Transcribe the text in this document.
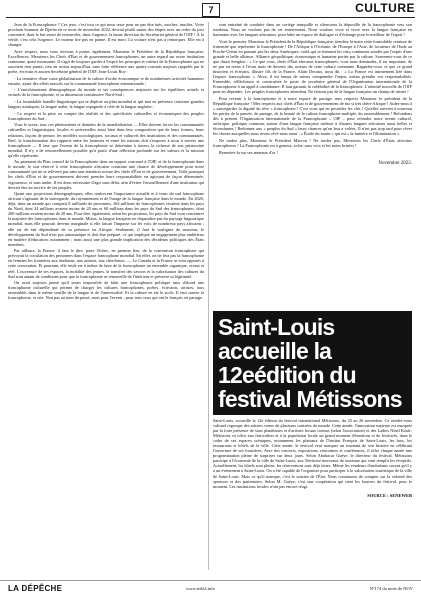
7	CULTURE

Jeux de la Francophonie ? Ces jeux, c'est tout ce qui nous reste pour ne pas être tués, moches, inutiles. Votre prochain Sommet de Djerba en ce mois de novembre 2022, devrait plutôt sauter des étapes avec un ordre du jour concentré, dont le but serait de renouveler, dans l'urgence, la haute direction du Secrétariat général de l'OIF ! À la vérité, c'est cela l'urgence. Le moteur tire pas en panne. Il est mort. La voiture n'est pas à remorquer. Elle est à changer.

Avec respect, nous vous incitons à porter, également, Monsieur le Président de la République française, Excellences, Messieurs les Chefs d'État et de gouvernement francophones, un autre regard sur notre institution commune, quasi moursante. Il s'agit de toujours garder à l'esprit les principes et valeurs de la Francophonie qui ne suscitent rien parmi, rien en action aujourd'hui, sans faire référence aux quatre constats majeurs rappelés par le poète, écrivain et ancien Secrétaire général de l'OIF, Jean-Louis Roy :

- La tentative d'une vaste globalisation de la culture d'ordre économique et de nombreuses activités humaines ensuite, ayant des effets massifs sur la communauté francophone internationale ;

- L'enrichissement démographique du monde et ses conséquences majeures sur les équilibres actuels et virtuels de la francophonie, et sa dimension constitutive Nord-Sud ;

- La formidable bataille linguistique qui se déploie au plan mondial et qui met en présence certaines grandes langues asiatiques, la langue arabe, la langue espagnole à côté de la langue anglaise ;

- Le respect et la prise en compte des réalités et des spécificités culturelles et économiques des peuples francophones du Sud ;

Vous le savez, tous ces phénomènes et données de la mondialisation — Elles doivent forcer les communautés culturelles et linguistiques, locales et universelles aussi bien dans leur composition que de leurs formes, leurs relations, façons de penser, les modèles sociologiques, sociaux et culturels des institutions et des communautés. Bref, la transformation des rapports entre les hommes et entre les nations doit s'imposer à nous à travers une francophonie — Il faut que l'avenir de la francophonie se détermine à travers la richesse de son patrimoine mondial. Il n'y a de renouvellement possible qu'à partir d'une réflexion profonde sur les valeurs et la mission qu'elle représente.

Au paiement du Plan conseil de la Francophonie dans un rapport concerné à l'OIF, et de la francophonie dans le monde, le sort réservé à cette francophonie africaine constitue une chance de développement pour notre communauté qui ne se relèvera pas sans une attention accrue des chefs d'État et de gouvernement. Voilà pourquoi les chefs d'État et de gouvernement doivent prendre leurs responsabilités en agissant de façon déterminée, vigoureuse, et sans tarder. Il est donc nécessaire d'agir sans délai, afin d'éviter l'essoufflement d'une institution qui devrait être au service de ses peuples.

Quant aux projections démographiques, elles renforcent l'importance actuelle et à venir du sud francophone africain s'agissant de la sauvegarde, du rayonnement et de l'usage de la langue française dans le monde. En 2020, déjà, dans un monde qui comptait 8 milliards de personnes, 164 millions de francophones vivaient dans les pays du Nord, dont 24 millions avaient moins de 20 ans et 60 millions dans les pays du Sud des francophones, dont 200 millions avaient moins de 20 ans. Pour dire, également, selon les projections, les pays du Sud vont concentrer la majorité des francophones dans le monde. Mieux, la langue française ne disparaîtra pas du paysage linguistique mondial, mais elle pourrait devenir marginale si elle faisait l'impasse sur les voix de nombreux pays africains ; elle est de fait dépendante de sa présence en Afrique. Seulement, il faut le souligner de nouveau, le développement du Sud n'est pas automatique et doit être préparé, ce qui implique un engagement plus ambitieux en matière d'éducation, notamment ; mais aussi une plus grande implication des décideurs politiques des États membres.

Par ailleurs, la France, il faut le dire, porte l'échec, en premier lieu, de la convention francophone qui prévoyait la circulation des personnes dans l'espace francophone mondial. En effet, on ne fera pas la francophonie en fermant les frontières aux étudiants, aux artistes, aux chercheurs. — Le Canada et la France se sont opposés à cette convention. Et pourtant, elle seule est à même de faire de la francophonie un ensemble organique, vivant et réel. L'ouverture de ses espaces, la mobilité des jeunes, le transfert des savoirs et la valorisation des cultures du Sud sont autant de conditions pour que la francophonie se renouvelle de l'intérieur et préserve sa légitimité.

On avait toujours pensé qu'il serait impossible de bâtir une francophonie politique sans d'abord une francophonie culturelle qui permet de charger les cultures francophones, poètes, écrivains, artistes, tous rassemblés dans le même souffle de la langue et de l'universalité. Et la culture en est le socle. Il faut sauver la francophonie, et vite. Non pas au nom du passé, mais pour l'avenir ; pour tous ceux qui ont le français en partage.

sont entraîné de conduire dans un cortège tranquille et silencieux la dépouille de la francophonie vers son tombeau. Nous ne voulons pas de cet enterrement. Nous voulons vivre et vivre avec la langue française en harmonie avec les langues africaines, pour bâtir un espace de dialogue et d'échange pour le meilleur de l'esprit !

Vous le premier, Monsieur le Président de la République française, tiendrez la main cette formidable ceinture de fraternité que représente la francophonie ! De l'Afrique à l'Océanie, de l'Europe à l'Asie, de locuteurs de l'Inde au Proche-Orient en passant par les deux Amériques, voilà qui se tiennent les cinq continents soudés par l'esprit d'une grande et belle alliance. Alliance géopolitique, économique et humaine portée par la culture. Souvenez-vous de ce que disait Senghor : « Ce que vous, chefs d'État africains francophones, vous nous demandez, il est important, de ne pas en rester à l'écart mais de devenir des acteurs de cette culture commune. Rappelez-vous ce que ce grand historien et écrivain, illustre fils de la France, Alain Decaux, nous dit : « La France est intimement liée dans l'espace francophone. » Alors, il est temps de mieux comprendre l'enjeu, mieux prendre vos responsabilités. Ensemble, réfléchissez et construisez le poste de secrétaire général de l'Organisation internationale de la Francophonie à un appel à candidature. Il faut garantir la crédibilité de la francophonie. L'identité nouvelle de l'OIF peut en dépendre. Les peuples francophones attendent. Ne faisons pas de la langue française un champ de ruines !

Pour revenir à la francophonie et à notre espace de partage, mes respects Monsieur le président de la République française ! Mes respects aux chefs d'État et de gouvernement de ma si très chère Afrique ! Aidez-nous à « sauvegarder la dignité du rêve » francophone ! C'est vous qui en possédez les clés ! Qu'elles ouvrent à nouveau les portes de la pensée, de partage, de la beauté de la culture francophone multiple, du rassemblement ! Refondons dès à présent l'Organisation internationale de la Francophonie – OIF – pour refonder notre avenir culturel, artistique, politique commun, autour d'une langue française métisse à d'autres langues africaines aussi belles et fécondantes ! Redonnez aux « peuples du Sud » leurs chances qu'on leur a volées. Il n'est pas trop tard pour rêver les choses auxquelles nous avons rêvé nous aussi : « Étoile du matin » qui est « la lumière et l'illumination ».

Ne tardez plus, Monsieur le Président Macron ! Ne tardez pas, Messieurs les Chefs d'États africains francophones ! La Francophonie est à genoux, siche, sans voix et les notes brisées !

Remettez-la sur ses anneaux d'or !

Novembre 2022.
Saint-Louis accueille la 12eédition du festival Métissons

Saint-Louis, accueille la 12e édition du festival international Métissons, du 25 au 26 novembre. Ce rendez-vous culturel regroupe des artistes venus de plusieurs contrées du monde. Cette année, l'innovation majeure est marquée par la forte présence de stars planétaires et d'artistes locaux connus (selon l'association) et des Ladies Ninel Kouk-Métissons va offrir aux festivaliers et à la population locale un grand moment d'émotions et de festivités, dans le cadre de ses espaces scéniques, notamment les plateaux de l'Institut Français de Saint-Louis, les bars, les restaurants et hôtels de la ville. Cette année, le festival veut marquer un tournant de son histoire en célébrant l'ouverture de ses frontières. Avec des concerts, expositions, rencontres et conférences, il offre chaque année une programmation pleine de surprises sur deux jours. Selon Abubacar Guèye, le directeur du festival, Métissons participe à l'économie de la ville de Saint-Louis, aux Territoire nouveaux de tourisme qui vont remplir les réceptifs. Actuellement, les hôtels sont pleins, les réservations sont déjà faites. Même les vendeurs d'ambulants savent qu'il y a un événement à Saint-Louis. On a été capable de l'organiser pour participer à la valorisation touristique de la ville de Saint-Louis. Mais ce qu'il manque, c'est le soutien de l'État. Nous continuons de compter sur la volonté des sponsors et des partenaires. Selon M. Guèye, c'est une coopération qui tient les bourses du festival, pour le moment. Les institutions locales n'ont pas encore réagi.

SOURCE : SENEWEB
LA DÉPÊCHE	www.ted24.info	Nº174 du mois de NOV
